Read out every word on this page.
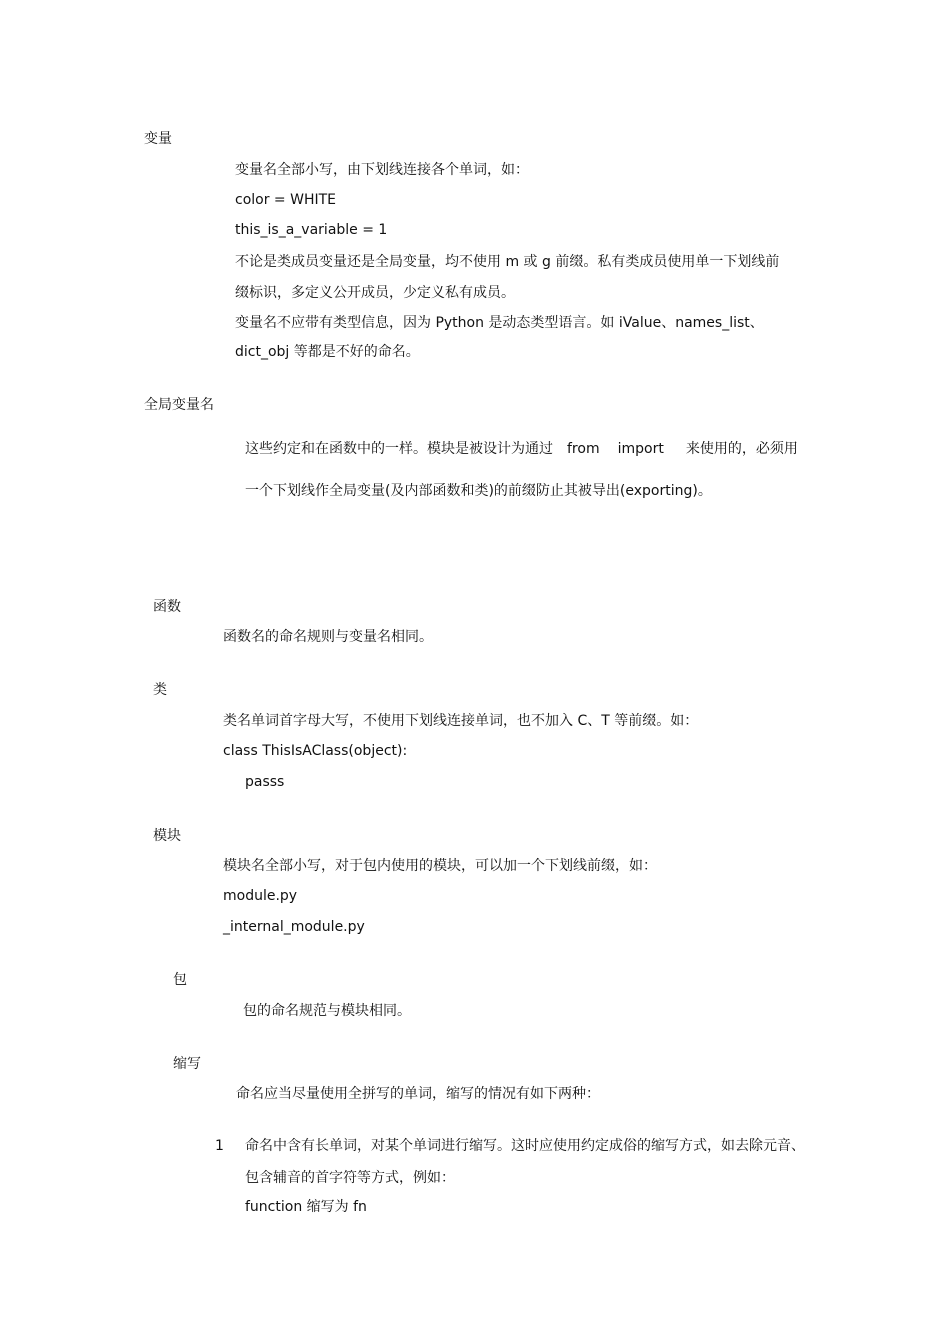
变量
变量名全部小写，由下划线连接各个单词，如：
color = WHITE
this_is_a_variable = 1
不论是类成员变量还是全局变量，均不使用 m 或 g 前缀。私有类成员使用单一下划线前
缀标识，多定义公开成员，少定义私有成员。
变量名不应带有类型信息，因为 Python 是动态类型语言。如 iValue、names_list、
dict_obj 等都是不好的命名。
全局变量名
这些约定和在函数中的一样。模块是被设计为通过 from import 来使用的，必须用
一个下划线作全局变量(及内部函数和类)的前缀防止其被导出(exporting)。
函数
函数名的命名规则与变量名相同。
类
类名单词首字母大写，不使用下划线连接单词，也不加入 C、T 等前缀。如：
class ThisIsAClass(object):
passs
模块
模块名全部小写，对于包内使用的模块，可以加一个下划线前缀，如：
module.py
_internal_module.py
包
包的命名规范与模块相同。
缩写
命名应当尽量使用全拼写的单词，缩写的情况有如下两种：
1 命名中含有长单词，对某个单词进行缩写。这时应使用约定成俗的缩写方式，如去除元音、
包含辅音的首字符等方式，例如：
function 缩写为 fn
